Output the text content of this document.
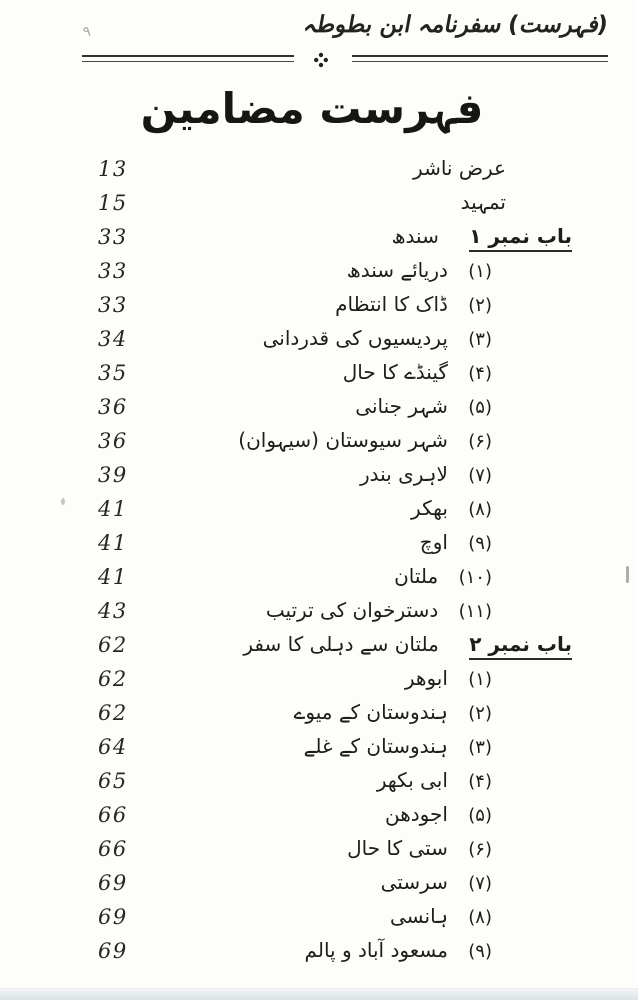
۹	(فہرست) سفرنامہ ابن بطوطہ
فہرست مضامین
13	عرض ناشر
15	تمہید
33	باب نمبر ۱ سندھ
33	(۱) دریائے سندھ
33	(۲) ڈاک کا انتظام
34	(۳) پردیسیوں کی قدردانی
35	(۴) گینڈے کا حال
36	(۵) شہر جنانی
36	(۶) شہر سیوستان (سیہوان)
39	(۷) لاہری بندر
41	(۸) بھکر
41	(۹) اوچ
41	(۱۰) ملتان
43	(۱۱) دسترخوان کی ترتیب
62	باب نمبر ۲ ملتان سے دہلی کا سفر
62	(۱) ابوھر
62	(۲) ہندوستان کے میوے
64	(۳) ہندوستان کے غلے
65	(۴) ابی بکھر
66	(۵) اجودھن
66	(۶) ستی کا حال
69	(۷) سرستی
69	(۸) ہانسی
69	(۹) مسعود آباد و پالم
